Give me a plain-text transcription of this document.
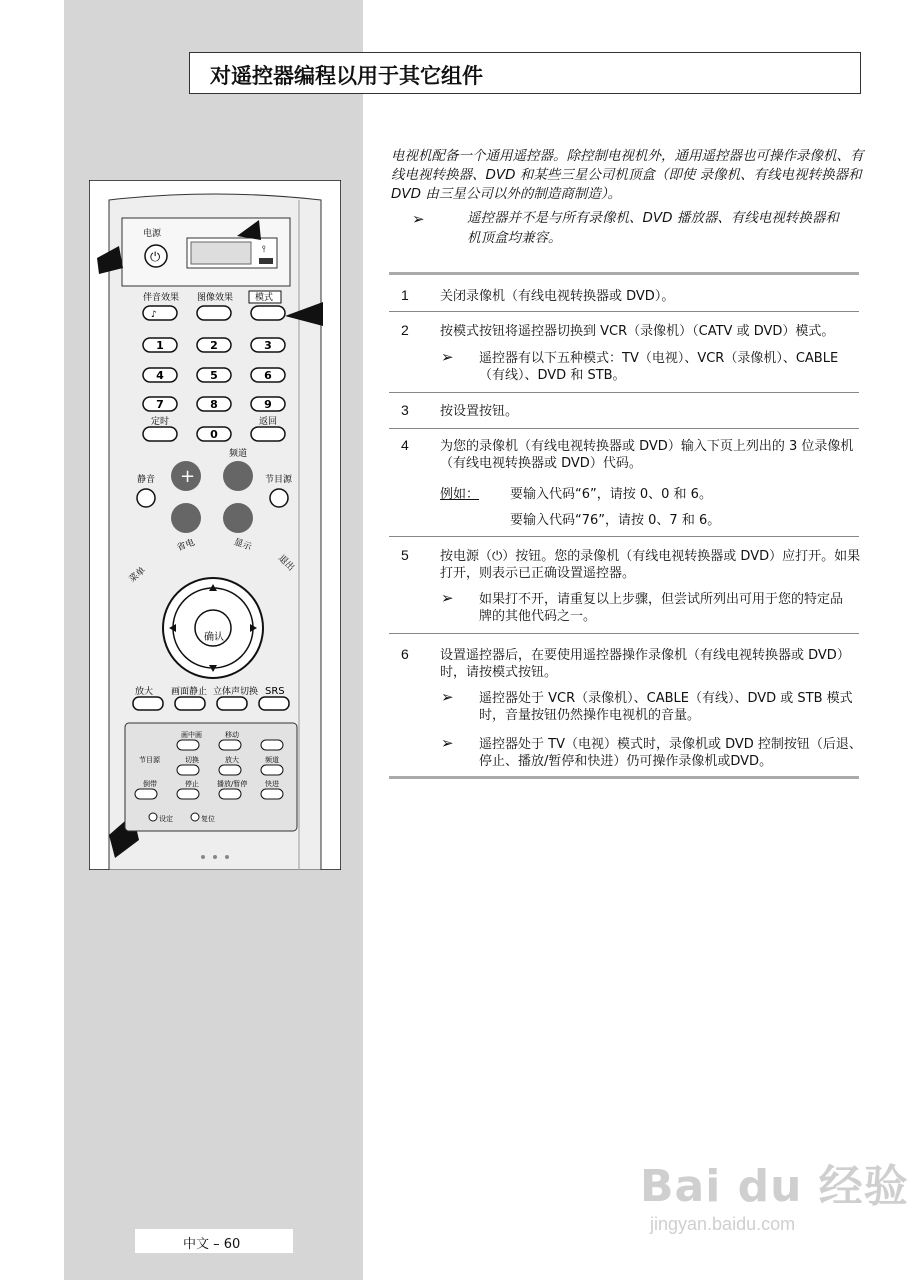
对遥控器编程以用于其它组件
电视机配备一个通用遥控器。除控制电视机外，通用遥控器也可操作录像机、有线电视转换器、DVD 和某些三星公司机顶盒（即使 录像机、有线电视转换器和DVD 由三星公司以外的制造商制造）。
➢	遥控器并不是与所有录像机、DVD 播放器、有线电视转换器和机顶盒均兼容。
1 关闭录像机（有线电视转换器或 DVD）。
2 按模式按钮将遥控器切换到 VCR（录像机）（CATV 或 DVD）模式。
➢ 遥控器有以下五种模式：TV（电视）、VCR（录像机）、CABLE（有线）、DVD 和 STB。
3 按设置按钮。
4 为您的录像机（有线电视转换器或 DVD）输入下页上列出的 3 位录像机（有线电视转换器或 DVD）代码。
例如： 要输入代码“6”，请按 0、0 和 6。
要输入代码“76”，请按 0、7 和 6。
5 按电源（⏻）按钮。您的录像机（有线电视转换器或 DVD）应打开。如果打开，则表示已正确设置遥控器。
➢ 如果打不开，请重复以上步骤，但尝试所列出可用于您的特定品牌的其他代码之一。
6 设置遥控器后，在要使用遥控器操作录像机（有线电视转换器或 DVD）时，请按模式按钮。
➢ 遥控器处于 VCR（录像机）、CABLE（有线）、DVD 或 STB 模式时，音量按钮仍然操作电视机的音量。
➢ 遥控器处于 TV（电视）模式时，录像机或 DVD 控制按钮（后退、停止、播放/暂停和快进）仍可操作录像机或DVD。
电源
⏻	⫯
伴音效果 图像效果 模式
♪
1	2	3
4	5	6
7	8	9
0
定时	返回
频道
静音	节目源
+
省电	显示
菜单
退出
确认
放大 画面静止 立体声切换 SRS
画中画	移动
节目源	切换	放大	频道
倒带	停止	播放/暂停	快进
设定	复位
中文 – 60
Bai du 经验
jingyan.baidu.com
